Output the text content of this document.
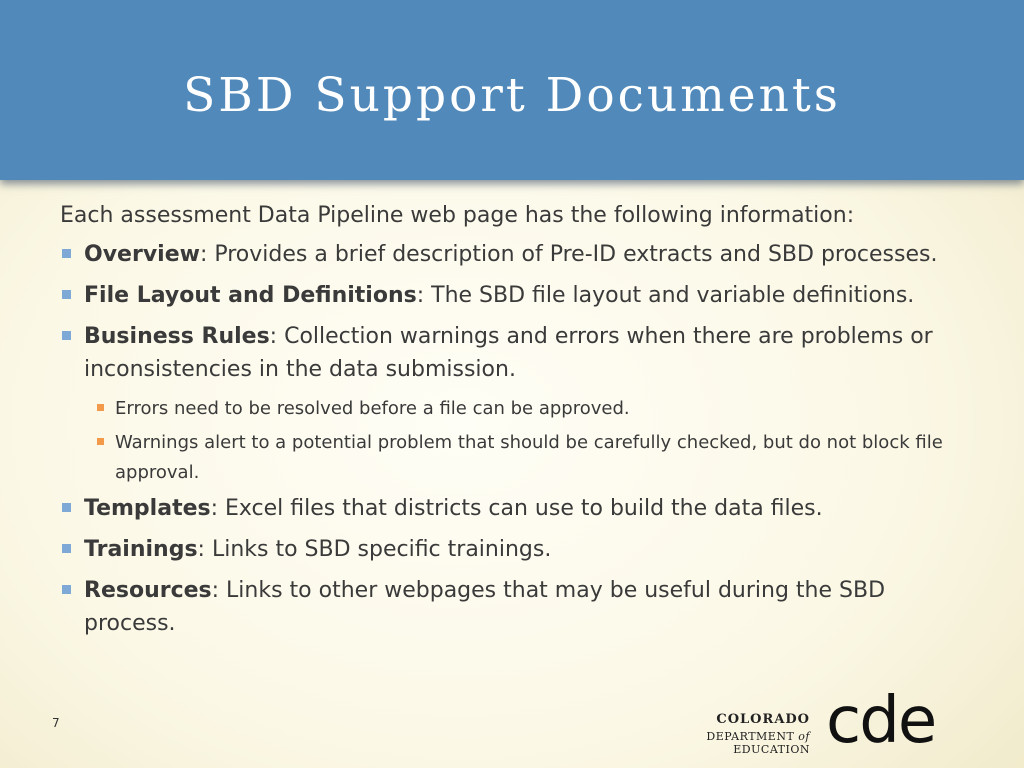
SBD Support Documents

Each assessment Data Pipeline web page has the following information:

Overview: Provides a brief description of Pre-ID extracts and SBD processes.
File Layout and Definitions: The SBD file layout and variable definitions.
Business Rules: Collection warnings and errors when there are problems or inconsistencies in the data submission.
Errors need to be resolved before a file can be approved.
Warnings alert to a potential problem that should be carefully checked, but do not block file approval.
Templates: Excel files that districts can use to build the data files.
Trainings: Links to SBD specific trainings.
Resources: Links to other webpages that may be useful during the SBD process.
7	COLORADO
DEPARTMENT of EDUCATION cde
